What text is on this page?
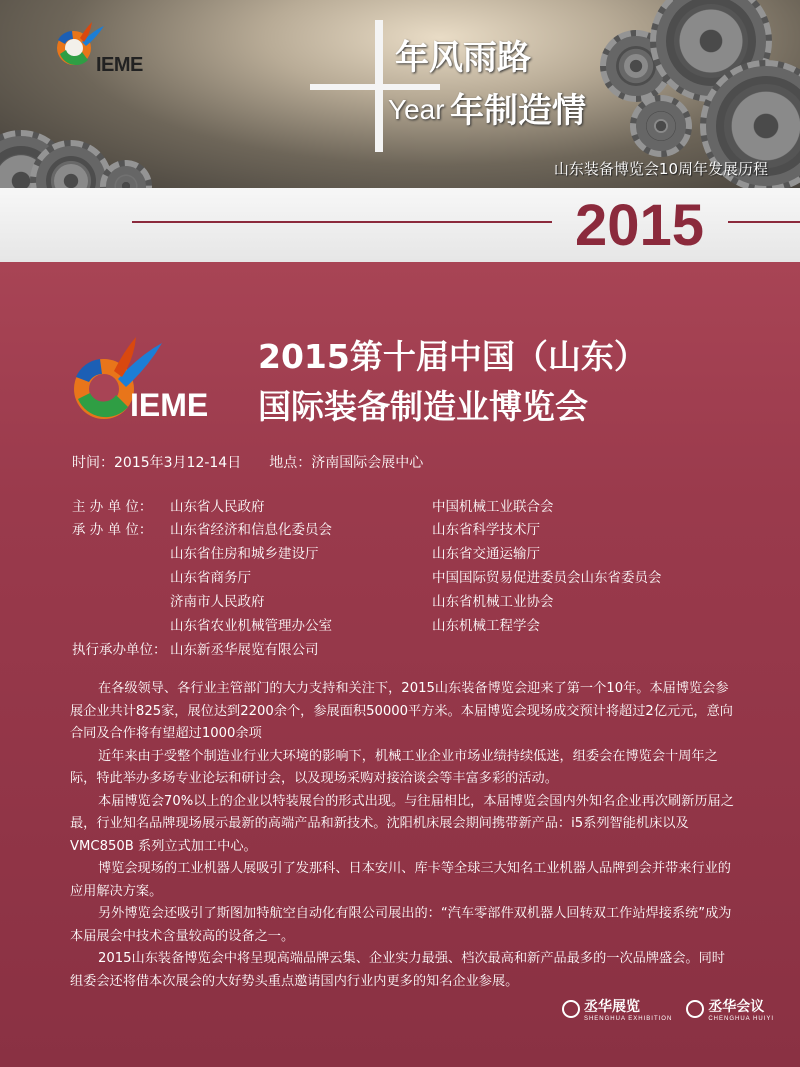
IEME	年风雨路
Year 年制造情
山东装备博览会10周年发展历程
2015
IEME
2015第十届中国（山东）
国际装备制造业博览会
时间：2015年3月12-14日　　地点：济南国际会展中心
主 办 单 位： 山东省人民政府	中国机械工业联合会
承 办 单 位： 山东省经济和信息化委员会
山东省住房和城乡建设厅
山东省商务厅
济南市人民政府
山东省农业机械管理办公室
山东省科学技术厅
山东省交通运输厅
中国国际贸易促进委员会山东省委员会
山东省机械工业协会
山东机械工程学会
执行承办单位： 山东新丞华展览有限公司

在各级领导、各行业主管部门的大力支持和关注下，2015山东装备博览会迎来了第一个10年。本届博览会参展企业共计825家，展位达到2200余个，参展面积50000平方米。本届博览会现场成交预计将超过2亿元元，意向合同及合作将有望超过1000余项

近年来由于受整个制造业行业大环境的影响下，机械工业企业市场业绩持续低迷，组委会在博览会十周年之际，特此举办多场专业论坛和研讨会，以及现场采购对接洽谈会等丰富多彩的活动。

本届博览会70%以上的企业以特装展台的形式出现。与往届相比，本届博览会国内外知名企业再次刷新历届之最，行业知名品牌现场展示最新的高端产品和新技术。沈阳机床展会期间携带新产品：i5系列智能机床以及VMC850B 系列立式加工中心。

博览会现场的工业机器人展吸引了发那科、日本安川、库卡等全球三大知名工业机器人品牌到会并带来行业的应用解决方案。

另外博览会还吸引了斯图加特航空自动化有限公司展出的：“汽车零部件双机器人回转双工作站焊接系统”成为本届展会中技术含量较高的设备之一。

2015山东装备博览会中将呈现高端品牌云集、企业实力最强、档次最高和新产品最多的一次品牌盛会。同时组委会还将借本次展会的大好势头重点邀请国内行业内更多的知名企业参展。

丞华展览
SHENGHUA EXHIBITION
丞华会议
CHENGHUA HUIYI
